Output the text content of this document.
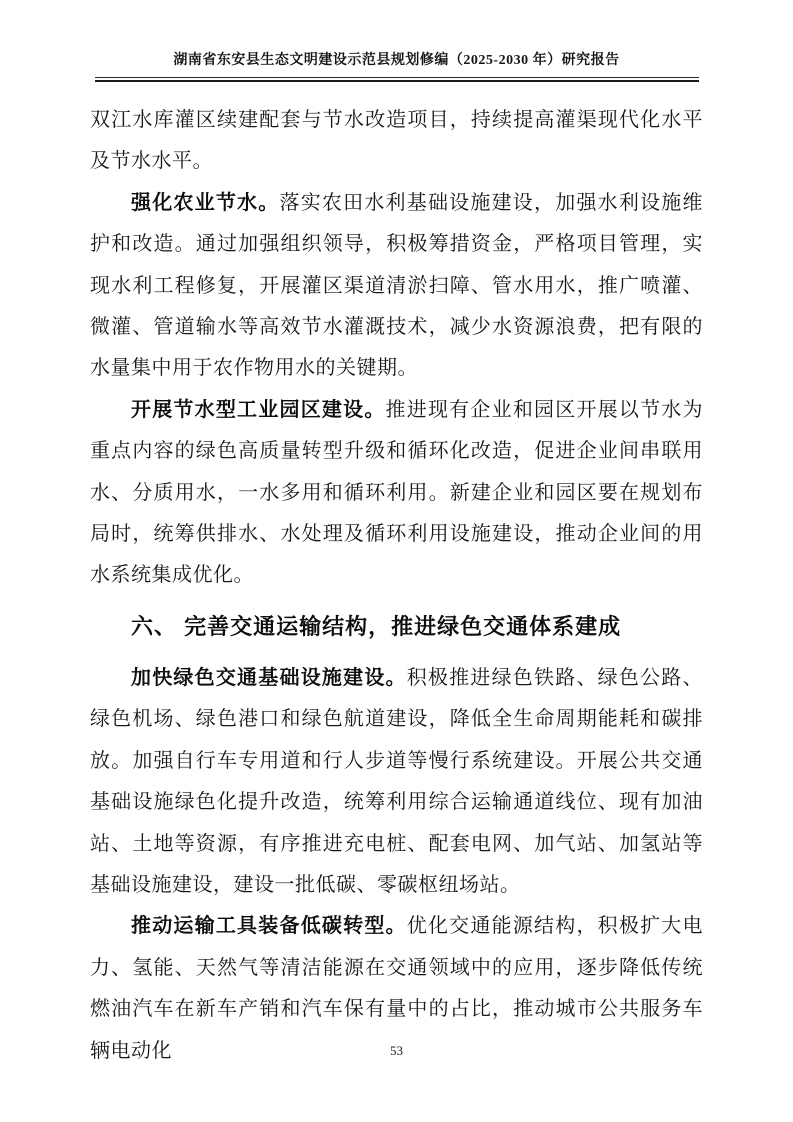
湖南省东安县生态文明建设示范县规划修编（2025-2030 年）研究报告

双江水库灌区续建配套与节水改造项目，持续提高灌渠现代化水平及节水水平。

强化农业节水。落实农田水利基础设施建设，加强水利设施维护和改造。通过加强组织领导，积极筹措资金，严格项目管理，实现水利工程修复，开展灌区渠道清淤扫障、管水用水，推广喷灌、微灌、管道输水等高效节水灌溉技术，减少水资源浪费，把有限的水量集中用于农作物用水的关键期。

开展节水型工业园区建设。推进现有企业和园区开展以节水为重点内容的绿色高质量转型升级和循环化改造，促进企业间串联用水、分质用水，一水多用和循环利用。新建企业和园区要在规划布局时，统筹供排水、水处理及循环利用设施建设，推动企业间的用水系统集成优化。

六、 完善交通运输结构，推进绿色交通体系建成

加快绿色交通基础设施建设。积极推进绿色铁路、绿色公路、绿色机场、绿色港口和绿色航道建设，降低全生命周期能耗和碳排放。加强自行车专用道和行人步道等慢行系统建设。开展公共交通基础设施绿色化提升改造，统筹利用综合运输通道线位、现有加油站、土地等资源，有序推进充电桩、配套电网、加气站、加氢站等基础设施建设，建设一批低碳、零碳枢纽场站。

推动运输工具装备低碳转型。优化交通能源结构，积极扩大电力、氢能、天然气等清洁能源在交通领域中的应用，逐步降低传统燃油汽车在新车产销和汽车保有量中的占比，推动城市公共服务车辆电动化	53
